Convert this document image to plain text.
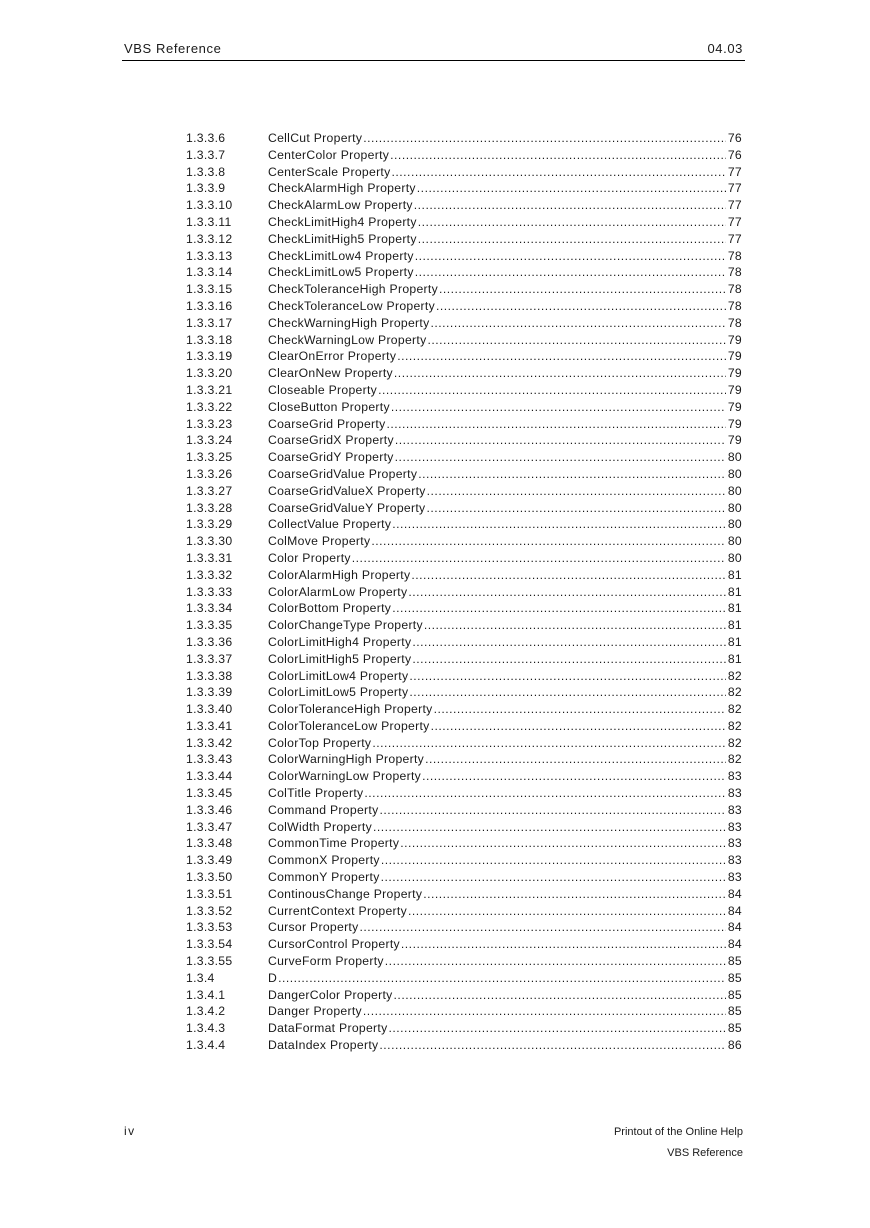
VBS Reference	04.03
1.3.3.6	CellCut Property .....	76
1.3.3.7	CenterColor Property .....	76
1.3.3.8	CenterScale Property .....	77
1.3.3.9	CheckAlarmHigh Property .....	77
1.3.3.10	CheckAlarmLow Property .....	77
1.3.3.11	CheckLimitHigh4 Property .....	77
1.3.3.12	CheckLimitHigh5 Property .....	77
1.3.3.13	CheckLimitLow4 Property .....	78
1.3.3.14	CheckLimitLow5 Property .....	78
1.3.3.15	CheckToleranceHigh Property .....	78
1.3.3.16	CheckToleranceLow Property .....	78
1.3.3.17	CheckWarningHigh Property .....	78
1.3.3.18	CheckWarningLow Property .....	79
1.3.3.19	ClearOnError Property .....	79
1.3.3.20	ClearOnNew Property .....	79
1.3.3.21	Closeable Property .....	79
1.3.3.22	CloseButton Property .....	79
1.3.3.23	CoarseGrid Property .....	79
1.3.3.24	CoarseGridX Property .....	79
1.3.3.25	CoarseGridY Property .....	80
1.3.3.26	CoarseGridValue Property .....	80
1.3.3.27	CoarseGridValueX Property .....	80
1.3.3.28	CoarseGridValueY Property .....	80
1.3.3.29	CollectValue Property .....	80
1.3.3.30	ColMove Property .....	80
1.3.3.31	Color Property .....	80
1.3.3.32	ColorAlarmHigh Property .....	81
1.3.3.33	ColorAlarmLow Property .....	81
1.3.3.34	ColorBottom Property .....	81
1.3.3.35	ColorChangeType Property .....	81
1.3.3.36	ColorLimitHigh4 Property .....	81
1.3.3.37	ColorLimitHigh5 Property .....	81
1.3.3.38	ColorLimitLow4 Property .....	82
1.3.3.39	ColorLimitLow5 Property .....	82
1.3.3.40	ColorToleranceHigh Property .....	82
1.3.3.41	ColorToleranceLow Property .....	82
1.3.3.42	ColorTop Property .....	82
1.3.3.43	ColorWarningHigh Property .....	82
1.3.3.44	ColorWarningLow Property .....	83
1.3.3.45	ColTitle Property .....	83
1.3.3.46	Command Property .....	83
1.3.3.47	ColWidth Property .....	83
1.3.3.48	CommonTime Property .....	83
1.3.3.49	CommonX Property .....	83
1.3.3.50	CommonY Property .....	83
1.3.3.51	ContinousChange Property .....	84
1.3.3.52	CurrentContext Property .....	84
1.3.3.53	Cursor Property .....	84
1.3.3.54	CursorControl Property .....	84
1.3.3.55	CurveForm Property .....	85
1.3.4	D .....	85
1.3.4.1	DangerColor Property .....	85
1.3.4.2	Danger Property .....	85
1.3.4.3	DataFormat Property .....	85
1.3.4.4	DataIndex Property .....	86
iv	Printout of the Online Help
VBS Reference
